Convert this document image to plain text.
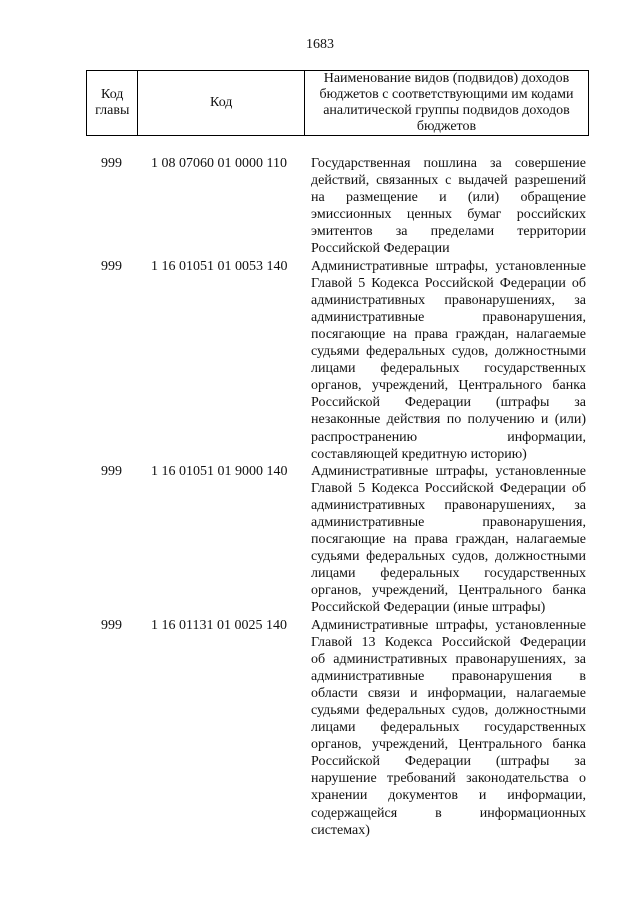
1683
Код главы	Код	Наименование видов (подвидов) доходов бюджетов с соответствующими им кодами аналитической группы подвидов доходов бюджетов
999	1 08 07060 01 0000 110	Государственная пошлина за совершение
действий, связанных с выдачей разрешений
на размещение и (или) обращение
эмиссионных ценных бумаг российских
эмитентов за пределами территории
Российской Федерации
999	1 16 01051 01 0053 140	Административные штрафы, установленные
Главой 5 Кодекса Российской Федерации об
административных правонарушениях, за
административные правонарушения,
посягающие на права граждан, налагаемые
судьями федеральных судов, должностными
лицами федеральных государственных
органов, учреждений, Центрального банка
Российской Федерации (штрафы за
незаконные действия по получению и (или)
распространению информации,
составляющей кредитную историю)
999	1 16 01051 01 9000 140	Административные штрафы, установленные
Главой 5 Кодекса Российской Федерации об
административных правонарушениях, за
административные правонарушения,
посягающие на права граждан, налагаемые
судьями федеральных судов, должностными
лицами федеральных государственных
органов, учреждений, Центрального банка
Российской Федерации (иные штрафы)
999	1 16 01131 01 0025 140	Административные штрафы, установленные
Главой 13 Кодекса Российской Федерации
об административных правонарушениях, за
административные правонарушения в
области связи и информации, налагаемые
судьями федеральных судов, должностными
лицами федеральных государственных
органов, учреждений, Центрального банка
Российской Федерации (штрафы за
нарушение требований законодательства о
хранении документов и информации,
содержащейся в информационных
системах)
